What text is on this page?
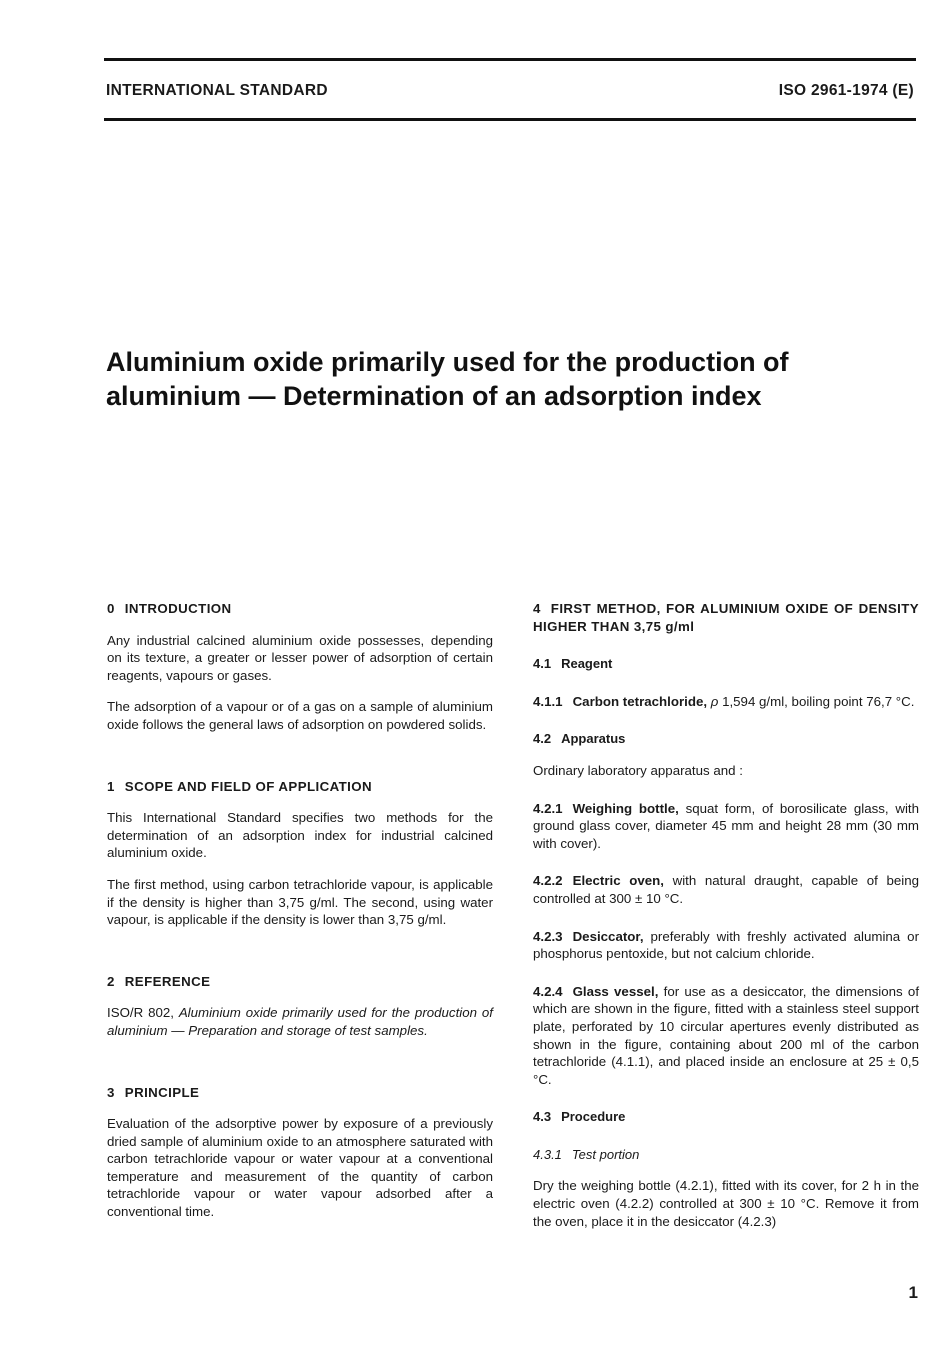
INTERNATIONAL STANDARD	ISO 2961-1974 (E)
Aluminium oxide primarily used for the production of
aluminium — Determination of an adsorption index
0 INTRODUCTION

Any industrial calcined aluminium oxide possesses, depending on its texture, a greater or lesser power of adsorption of certain reagents, vapours or gases.

The adsorption of a vapour or of a gas on a sample of aluminium oxide follows the general laws of adsorption on powdered solids.

1 SCOPE AND FIELD OF APPLICATION

This International Standard specifies two methods for the determination of an adsorption index for industrial calcined aluminium oxide.

The first method, using carbon tetrachloride vapour, is applicable if the density is higher than 3,75 g/ml. The second, using water vapour, is applicable if the density is lower than 3,75 g/ml.

2 REFERENCE

ISO/R 802, Aluminium oxide primarily used for the production of aluminium — Preparation and storage of test samples.

3 PRINCIPLE

Evaluation of the adsorptive power by exposure of a previously dried sample of aluminium oxide to an atmosphere saturated with carbon tetrachloride vapour or water vapour at a conventional temperature and measurement of the quantity of carbon tetrachloride vapour or water vapour adsorbed after a conventional time.

4 FIRST METHOD, FOR ALUMINIUM OXIDE OF DENSITY HIGHER THAN 3,75 g/ml
4.1 Reagent

4.1.1 Carbon tetrachloride, ρ 1,594 g/ml, boiling point 76,7 °C.

4.2 Apparatus

Ordinary laboratory apparatus and :

4.2.1 Weighing bottle, squat form, of borosilicate glass, with ground glass cover, diameter 45 mm and height 28 mm (30 mm with cover).

4.2.2 Electric oven, with natural draught, capable of being controlled at 300 ± 10 °C.

4.2.3 Desiccator, preferably with freshly activated alumina or phosphorus pentoxide, but not calcium chloride.

4.2.4 Glass vessel, for use as a desiccator, the dimensions of which are shown in the figure, fitted with a stainless steel support plate, perforated by 10 circular apertures evenly distributed as shown in the figure, containing about 200 ml of the carbon tetrachloride (4.1.1), and placed inside an enclosure at 25 ± 0,5 °C.

4.3 Procedure
4.3.1 Test portion

Dry the weighing bottle (4.2.1), fitted with its cover, for 2 h in the electric oven (4.2.2) controlled at 300 ± 10 °C. Remove it from the oven, place it in the desiccator (4.2.3)

1
